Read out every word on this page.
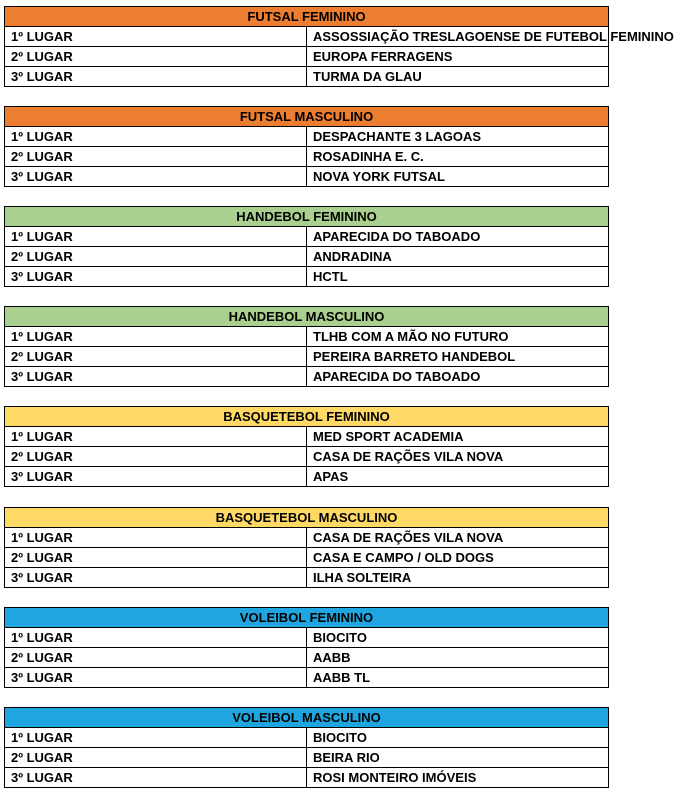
FUTSAL FEMININO	
1º LUGAR	ASSOSSIAÇÃO TRESLAGOENSE DE FUTEBOL FEMININO
2º LUGAR	EUROPA FERRAGENS
3º LUGAR	TURMA DA GLAU
FUTSAL MASCULINO	
1º LUGAR	DESPACHANTE 3 LAGOAS
2º LUGAR	ROSADINHA E. C.
3º LUGAR	NOVA YORK FUTSAL
HANDEBOL FEMININO	
1º LUGAR	APARECIDA DO TABOADO
2º LUGAR	ANDRADINA
3º LUGAR	HCTL
HANDEBOL MASCULINO	
1º LUGAR	TLHB COM A MÃO NO FUTURO
2º LUGAR	PEREIRA BARRETO HANDEBOL
3º LUGAR	APARECIDA DO TABOADO
BASQUETEBOL FEMININO	
1º LUGAR	MED SPORT ACADEMIA
2º LUGAR	CASA DE RAÇÕES VILA NOVA
3º LUGAR	APAS
BASQUETEBOL MASCULINO	
1º LUGAR	CASA DE RAÇÕES VILA NOVA
2º LUGAR	CASA E CAMPO / OLD DOGS
3º LUGAR	ILHA SOLTEIRA
VOLEIBOL FEMININO	
1º LUGAR	BIOCITO
2º LUGAR	AABB
3º LUGAR	AABB TL
VOLEIBOL MASCULINO	
1º LUGAR	BIOCITO
2º LUGAR	BEIRA RIO
3º LUGAR	ROSI MONTEIRO IMÓVEIS
